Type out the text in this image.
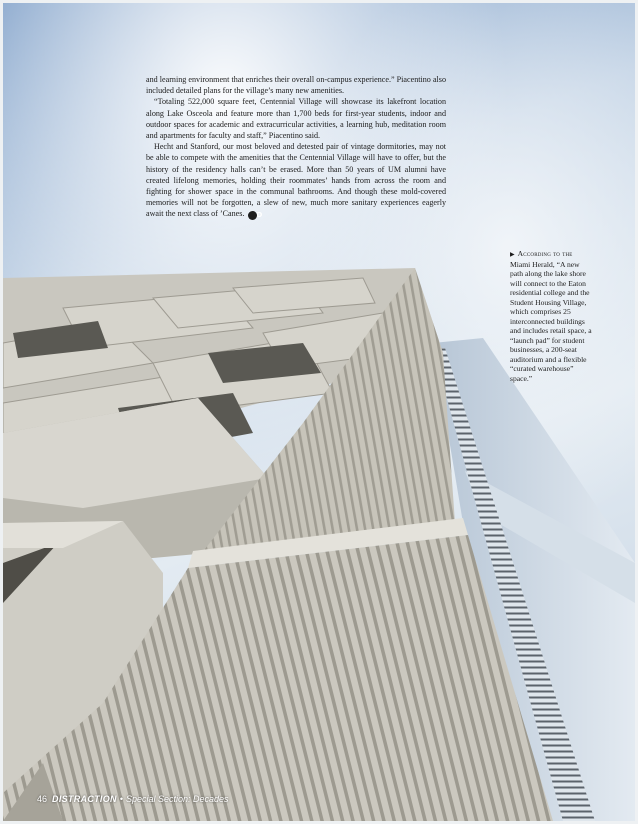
and learning environment that enriches their overall on-campus experience.” Piacentino also included detailed plans for the village’s many new amenities.

“Totaling 522,000 square feet, Centennial Village will showcase its lakefront location along Lake Osceola and feature more than 1,700 beds for first-year students, indoor and outdoor spaces for academic and extracurricular activities, a learning hub, meditation room and apartments for faculty and staff,” Piacentino said.

Hecht and Stanford, our most beloved and detested pair of vintage dormitories, may not be able to compete with the amenities that the Centennial Village will have to offer, but the history of the residency halls can’t be erased. More than 50 years of UM alumni have created lifelong memories, holding their roommates’ hands from across the room and fighting for shower space in the communal bathrooms. And though these mold-covered memories will not be forgotten, a slew of new, much more sanitary experiences eagerly await the next class of ’Canes. D

▶ According to the Miami Herald, “A new path along the lake shore will connect to the Eaton residential college and the Student Housing Village, which comprises 25 interconnected buildings and includes retail space, a “launch pad” for student businesses, a 200-seat auditorium and a flexible “curated warehouse” space.”
46 DISTRACTION • Special Section: Decades
